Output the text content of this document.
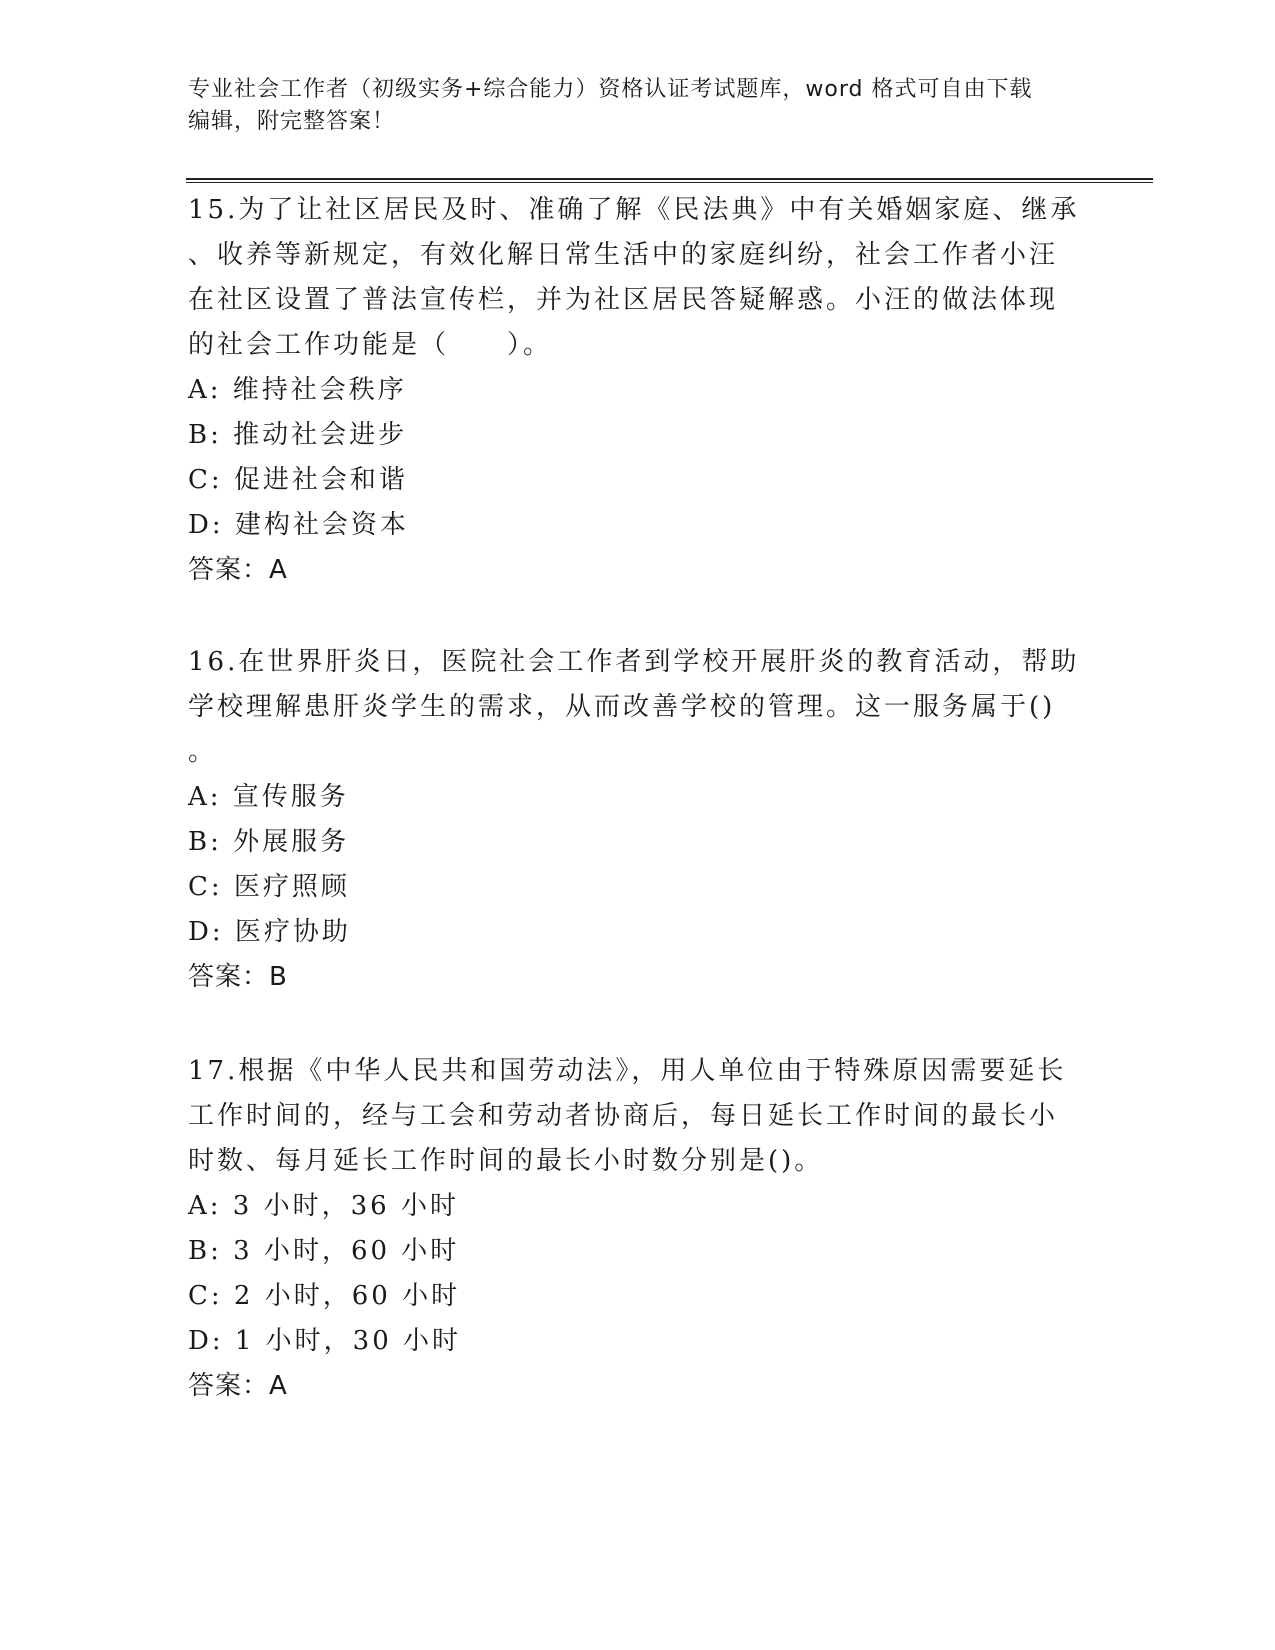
专业社会工作者（初级实务+综合能力）资格认证考试题库，word 格式可自由下载
编辑，附完整答案！
15.为了让社区居民及时、准确了解《民法典》中有关婚姻家庭、继承
、收养等新规定，有效化解日常生活中的家庭纠纷，社会工作者小汪
在社区设置了普法宣传栏，并为社区居民答疑解惑。小汪的做法体现
的社会工作功能是（　　）。
A: 维持社会秩序
B: 推动社会进步
C: 促进社会和谐
D: 建构社会资本
答案：A
16.在世界肝炎日，医院社会工作者到学校开展肝炎的教育活动，帮助
学校理解患肝炎学生的需求，从而改善学校的管理。这一服务属于()
。
A: 宣传服务
B: 外展服务
C: 医疗照顾
D: 医疗协助
答案：B
17.根据《中华人民共和国劳动法》，用人单位由于特殊原因需要延长
工作时间的，经与工会和劳动者协商后，每日延长工作时间的最长小
时数、每月延长工作时间的最长小时数分别是()。
A: 3 小时，36 小时
B: 3 小时，60 小时
C: 2 小时，60 小时
D: 1 小时，30 小时
答案：A
